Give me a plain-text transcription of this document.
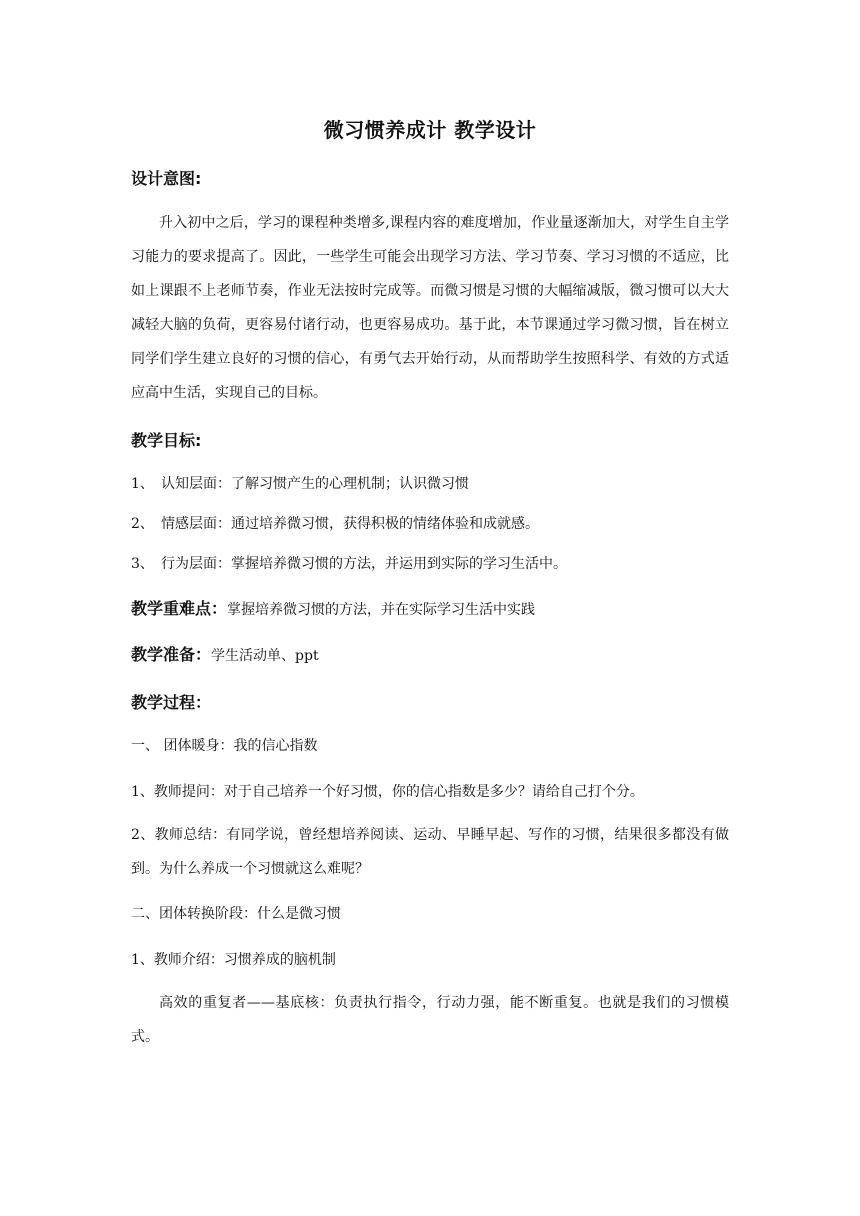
微习惯养成计 教学设计
设计意图:
升入初中之后，学习的课程种类增多,课程内容的难度增加，作业量逐渐加大，对学生自主学习能力的要求提高了。因此，一些学生可能会出现学习方法、学习节奏、学习习惯的不适应，比如上课跟不上老师节奏，作业无法按时完成等。而微习惯是习惯的大幅缩减版，微习惯可以大大减轻大脑的负荷，更容易付诸行动，也更容易成功。基于此，本节课通过学习微习惯，旨在树立同学们学生建立良好的习惯的信心，有勇气去开始行动，从而帮助学生按照科学、有效的方式适应高中生活，实现自己的目标。
教学目标:
1、 认知层面：了解习惯产生的心理机制；认识微习惯
2、 情感层面：通过培养微习惯，获得积极的情绪体验和成就感。
3、 行为层面：掌握培养微习惯的方法，并运用到实际的学习生活中。
教学重难点：掌握培养微习惯的方法，并在实际学习生活中实践
教学准备：学生活动单、ppt
教学过程：
一、 团体暖身：我的信心指数
1、教师提问：对于自己培养一个好习惯，你的信心指数是多少？请给自己打个分。
2、教师总结：有同学说，曾经想培养阅读、运动、早睡早起、写作的习惯，结果很多都没有做到。为什么养成一个习惯就这么难呢？
二、团体转换阶段：什么是微习惯
1、教师介绍：习惯养成的脑机制
高效的重复者——基底核：负责执行指令，行动力强，能不断重复。也就是我们的习惯模式。
